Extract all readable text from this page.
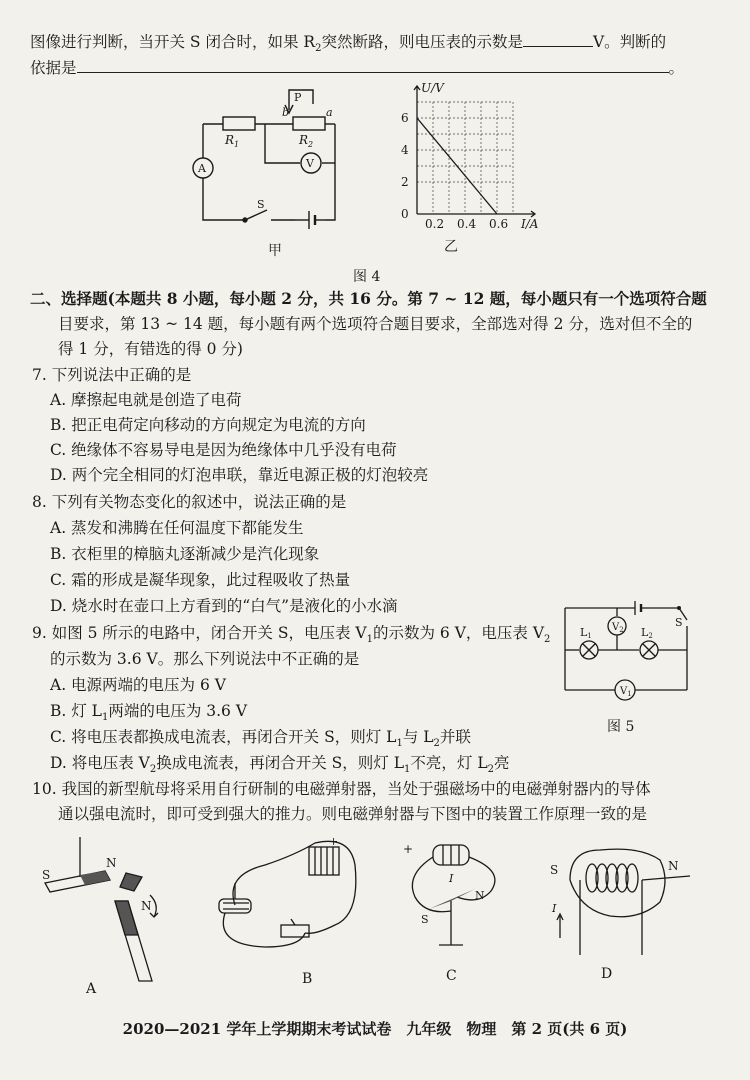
图像进行判断，当开关 S 闭合时，如果 $R_2$突然断路，则电压表的示数是	V。判断的
依据是	。
$R_1$	$R_2$
P
b	a
A	V
S
甲
U/V
I/A
6
4
2
0
0.2 0.4 0.6
乙
图 4
二、选择题(本题共 8 小题，每小题 2 分，共 16 分。第 7 ~ 12 题，每小题只有一个选项符合题
目要求，第 13 ~ 14 题，每小题有两个选项符合题目要求，全部选对得 2 分，选对但不全的
得 1 分，有错选的得 0 分)
7. 下列说法中正确的是
A. 摩擦起电就是创造了电荷
B. 把正电荷定向移动的方向规定为电流的方向
C. 绝缘体不容易导电是因为绝缘体中几乎没有电荷
D. 两个完全相同的灯泡串联，靠近电源正极的灯泡较亮
8. 下列有关物态变化的叙述中，说法正确的是
A. 蒸发和沸腾在任何温度下都能发生
B. 衣柜里的樟脑丸逐渐减少是汽化现象
C. 霜的形成是凝华现象，此过程吸收了热量
D. 烧水时在壶口上方看到的“白气”是液化的小水滴
9. 如图 5 所示的电路中，闭合开关 S，电压表 $V_1$的示数为 6 V，电压表 $V_2$
的示数为 3.6 V。那么下列说法中不正确的是
A. 电源两端的电压为 6 V
B. 灯 $L_1$两端的电压为 3.6 V
C. 将电压表都换成电流表，再闭合开关 S，则灯 $L_1$与 $L_2$并联
D. 将电压表 $V_2$换成电流表，再闭合开关 S，则灯 $L_1$不亮，灯 $L_2$亮
$V_2$
$V_1$
L1	L2
S
图 5
10. 我国的新型航母将采用自行研制的电磁弹射器，当处于强磁场中的电磁弹射器内的导体
通以强电流时，即可受到强大的推力。则电磁弹射器与下图中的装置工作原理一致的是
S
N
N
A
+
B
+
I
S
N
C
S	N
I
D
2020—2021 学年上学期期末考试试卷　九年级　物理　第 2 页(共 6 页)
